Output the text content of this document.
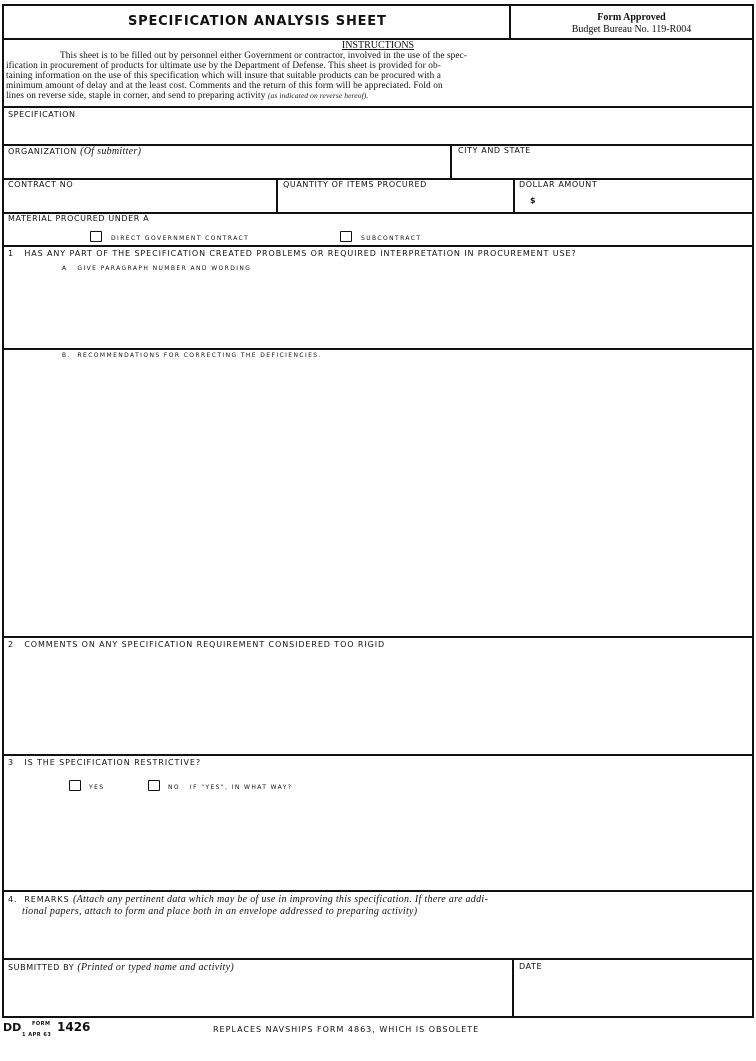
SPECIFICATION ANALYSIS SHEET	Form Approved
Budget Bureau No. 119-R004
INSTRUCTIONS
This sheet is to be filled out by personnel either Government or contractor, involved in the use of the spec-
ification in procurement of products for ultimate use by the Department of Defense. This sheet is provided for ob-
taining information on the use of this specification which will insure that suitable products can be procured with a
minimum amount of delay and at the least cost. Comments and the return of this form will be appreciated. Fold on
lines on reverse side, staple in corner, and send to preparing activity (as indicated on reverse hereof).
SPECIFICATION
ORGANIZATION (Of submitter)	CITY AND STATE
CONTRACT NO	QUANTITY OF ITEMS PROCURED	DOLLAR AMOUNT
$
MATERIAL PROCURED UNDER A
DIRECT GOVERNMENT CONTRACT	SUBCONTRACT
1   HAS ANY PART OF THE SPECIFICATION CREATED PROBLEMS OR REQUIRED INTERPRETATION IN PROCUREMENT USE?
A   GIVE PARAGRAPH NUMBER AND WORDING
B.  RECOMMENDATIONS FOR CORRECTING THE DEFICIENCIES.
2   COMMENTS ON ANY SPECIFICATION REQUIREMENT CONSIDERED TOO RIGID
3   IS THE SPECIFICATION RESTRICTIVE?
YES	NO   IF "YES", IN WHAT WAY?
4.  REMARKS (Attach any pertinent data which may be of use in improving this specification. If there are addi-
tional papers, attach to form and place both in an envelope addressed to preparing activity)
SUBMITTED BY (Printed or typed name and activity)	DATE
DD FORM
1 APR 63
1426	REPLACES NAVSHIPS FORM 4863, WHICH IS OBSOLETE
